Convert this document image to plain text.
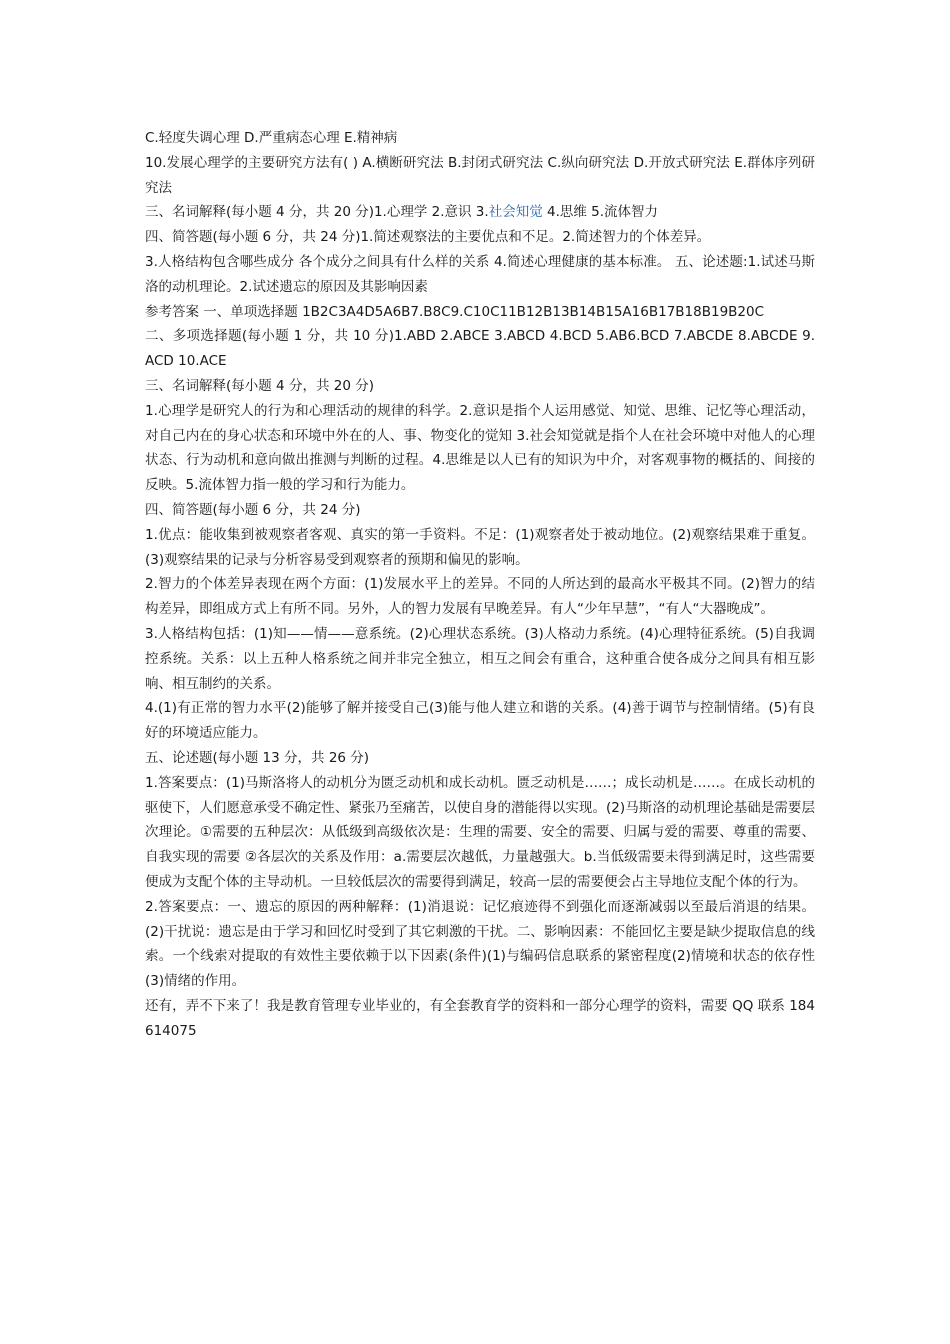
C.轻度失调心理 D.严重病态心理 E.精神病

10.发展心理学的主要研究方法有( ) A.横断研究法 B.封闭式研究法 C.纵向研究法 D.开放式研究法 E.群体序列研究法

三、名词解释(每小题 4 分，共 20 分)1.心理学 2.意识 3.社会知觉 4.思维 5.流体智力

四、简答题(每小题 6 分，共 24 分)1.简述观察法的主要优点和不足。2.简述智力的个体差异。

3.人格结构包含哪些成分 各个成分之间具有什么样的关系 4.简述心理健康的基本标准。 五、论述题:1.试述马斯洛的动机理论。2.试述遗忘的原因及其影响因素

参考答案 一、单项选择题 1B2C3A4D5A6B7.B8C9.C10C11B12B13B14B15A16B17B18B19B20C

二、多项选择题(每小题 1 分，共 10 分)1.ABD 2.ABCE 3.ABCD 4.BCD 5.AB6.BCD 7.ABCDE 8.ABCDE 9.ACD 10.ACE

三、名词解释(每小题 4 分，共 20 分)

1.心理学是研究人的行为和心理活动的规律的科学。2.意识是指个人运用感觉、知觉、思维、记忆等心理活动，对自己内在的身心状态和环境中外在的人、事、物变化的觉知 3.社会知觉就是指个人在社会环境中对他人的心理状态、行为动机和意向做出推测与判断的过程。4.思维是以人已有的知识为中介，对客观事物的概括的、间接的反映。5.流体智力指一般的学习和行为能力。

四、简答题(每小题 6 分，共 24 分)

1.优点：能收集到被观察者客观、真实的第一手资料。不足：(1)观察者处于被动地位。(2)观察结果难于重复。 (3)观察结果的记录与分析容易受到观察者的预期和偏见的影响。

2.智力的个体差异表现在两个方面：(1)发展水平上的差异。不同的人所达到的最高水平极其不同。(2)智力的结构差异，即组成方式上有所不同。另外，人的智力发展有早晚差异。有人“少年早慧”，“有人“大器晚成”。

3.人格结构包括：(1)知——情——意系统。(2)心理状态系统。(3)人格动力系统。(4)心理特征系统。(5)自我调控系统。关系：以上五种人格系统之间并非完全独立，相互之间会有重合，这种重合使各成分之间具有相互影响、相互制约的关系。

4.(1)有正常的智力水平(2)能够了解并接受自己(3)能与他人建立和谐的关系。(4)善于调节与控制情绪。(5)有良好的环境适应能力。

五、论述题(每小题 13 分，共 26 分)

1.答案要点：(1)马斯洛将人的动机分为匮乏动机和成长动机。匮乏动机是……；成长动机是……。在成长动机的驱使下，人们愿意承受不确定性、紧张乃至痛苦，以使自身的潜能得以实现。(2)马斯洛的动机理论基础是需要层次理论。①需要的五种层次：从低级到高级依次是：生理的需要、安全的需要、归属与爱的需要、尊重的需要、自我实现的需要 ②各层次的关系及作用：a.需要层次越低，力量越强大。b.当低级需要未得到满足时，这些需要便成为支配个体的主导动机。一旦较低层次的需要得到满足，较高一层的需要便会占主导地位支配个体的行为。

2.答案要点：一、遗忘的原因的两种解释：(1)消退说：记忆痕迹得不到强化而逐渐减弱以至最后消退的结果。(2)干扰说：遗忘是由于学习和回忆时受到了其它刺激的干扰。二、影响因素：不能回忆主要是缺少提取信息的线索。一个线索对提取的有效性主要依赖于以下因素(条件)(1)与编码信息联系的紧密程度(2)情境和状态的依存性(3)情绪的作用。

还有，弄不下来了！我是教育管理专业毕业的，有全套教育学的资料和一部分心理学的资料，需要 QQ 联系 184614075
